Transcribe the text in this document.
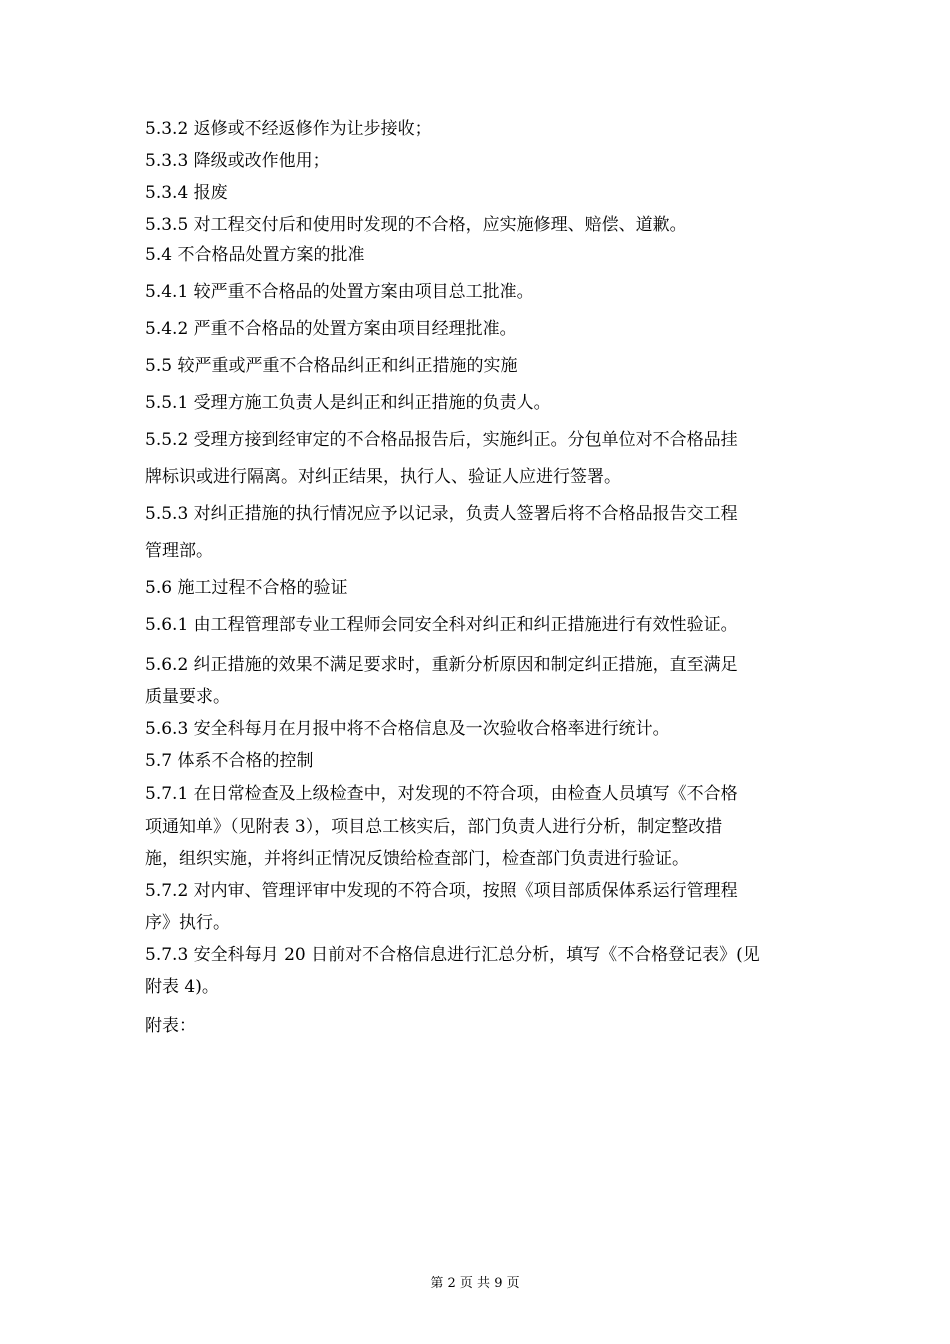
5.3.2 返修或不经返修作为让步接收；
5.3.3 降级或改作他用；
5.3.4 报废
5.3.5 对工程交付后和使用时发现的不合格，应实施修理、赔偿、道歉。
5.4 不合格品处置方案的批准
5.4.1 较严重不合格品的处置方案由项目总工批准。
5.4.2 严重不合格品的处置方案由项目经理批准。
5.5 较严重或严重不合格品纠正和纠正措施的实施
5.5.1 受理方施工负责人是纠正和纠正措施的负责人。
5.5.2 受理方接到经审定的不合格品报告后，实施纠正。分包单位对不合格品挂
牌标识或进行隔离。对纠正结果，执行人、验证人应进行签署。
5.5.3 对纠正措施的执行情况应予以记录，负责人签署后将不合格品报告交工程
管理部。
5.6 施工过程不合格的验证
5.6.1 由工程管理部专业工程师会同安全科对纠正和纠正措施进行有效性验证。
5.6.2 纠正措施的效果不满足要求时，重新分析原因和制定纠正措施，直至满足
质量要求。
5.6.3 安全科每月在月报中将不合格信息及一次验收合格率进行统计。
5.7 体系不合格的控制
5.7.1 在日常检查及上级检查中，对发现的不符合项，由检查人员填写《不合格
项通知单》（见附表 3），项目总工核实后，部门负责人进行分析，制定整改措
施，组织实施，并将纠正情况反馈给检查部门，检查部门负责进行验证。
5.7.2 对内审、管理评审中发现的不符合项，按照《项目部质保体系运行管理程
序》执行。
5.7.3 安全科每月 20 日前对不合格信息进行汇总分析，填写《不合格登记表》(见
附表 4)。
附表：
第 2 页 共 9 页
